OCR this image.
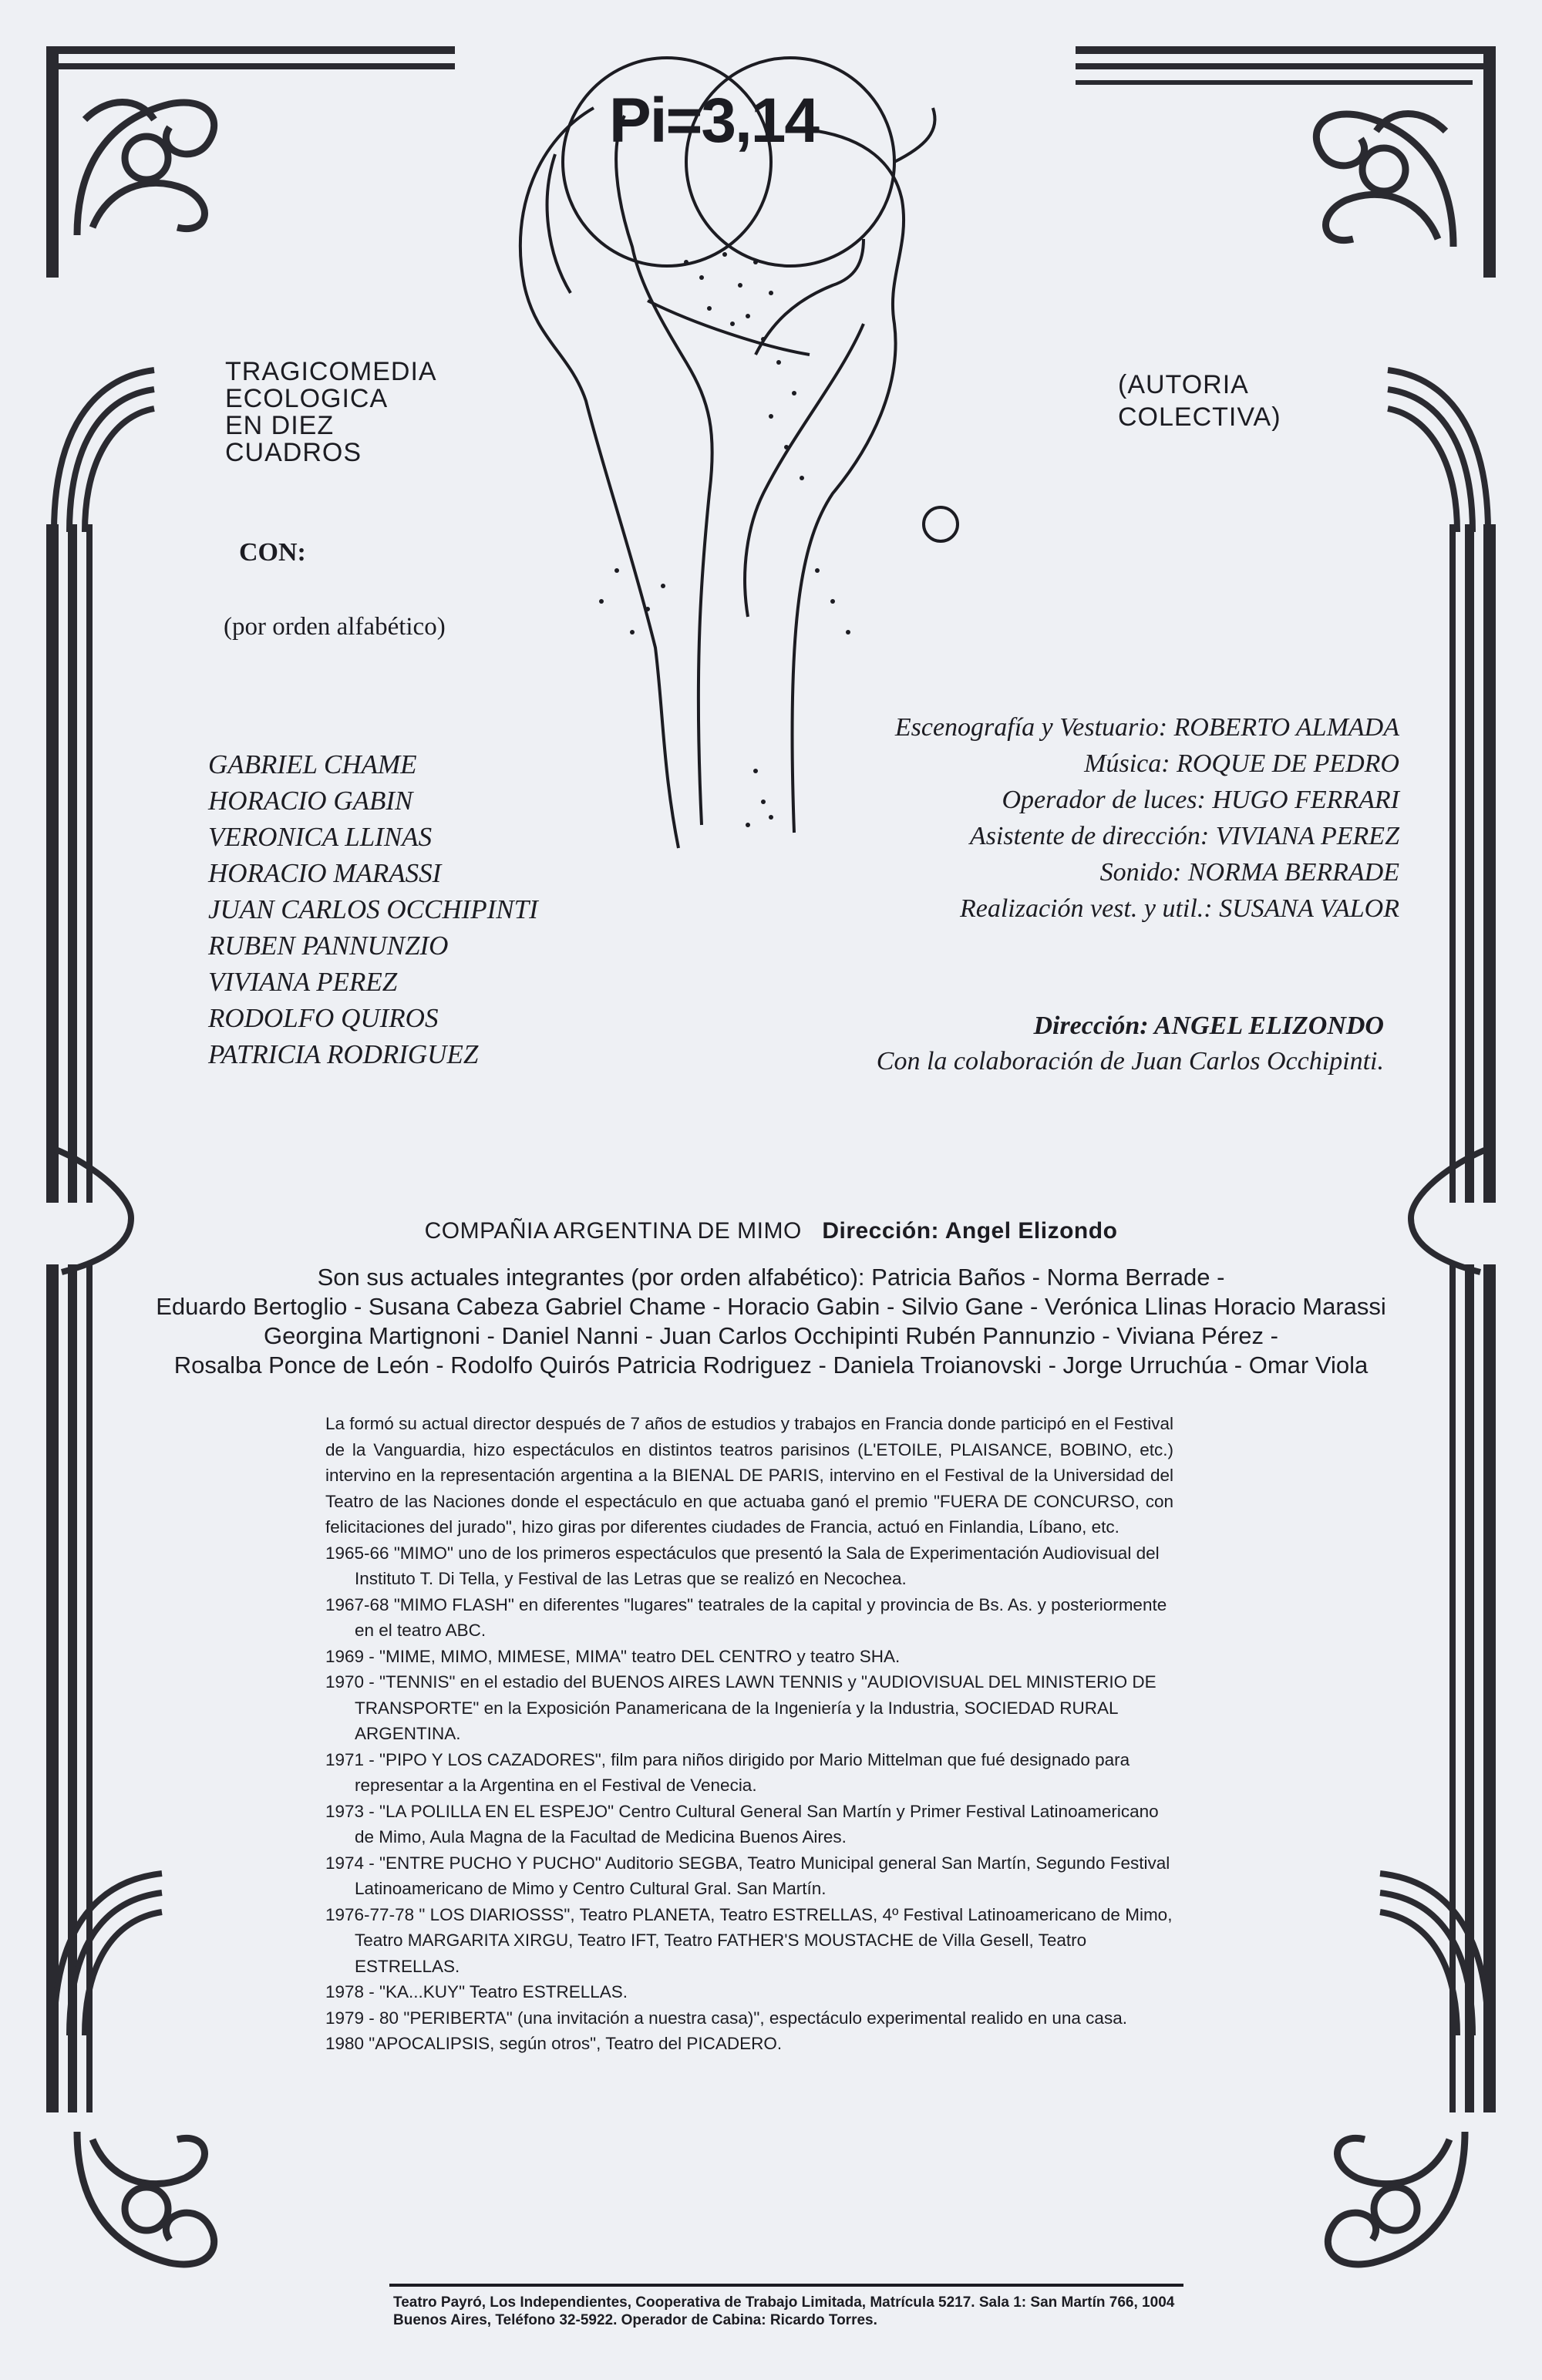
Pi=3,14
TRAGICOMEDIA
ECOLOGICA
EN DIEZ
CUADROS
(AUTORIA
COLECTIVA)
CON:
(por orden alfabético)
GABRIEL CHAME
HORACIO GABIN
VERONICA LLINAS
HORACIO MARASSI
JUAN CARLOS OCCHIPINTI
RUBEN PANNUNZIO
VIVIANA PEREZ
RODOLFO QUIROS
PATRICIA RODRIGUEZ
Escenografía y Vestuario: ROBERTO ALMADA
Música: ROQUE DE PEDRO
Operador de luces: HUGO FERRARI
Asistente de dirección: VIVIANA PEREZ
Sonido: NORMA BERRADE
Realización vest. y util.: SUSANA VALOR
Dirección: ANGEL ELIZONDO
Con la colaboración de Juan Carlos Occhipinti.
COMPAÑIA ARGENTINA DE MIMO Dirección: Angel Elizondo
Son sus actuales integrantes (por orden alfabético): Patricia Baños - Norma Berrade -
Eduardo Bertoglio - Susana Cabeza Gabriel Chame - Horacio Gabin - Silvio Gane - Verónica Llinas Horacio Marassi
Georgina Martignoni - Daniel Nanni - Juan Carlos Occhipinti Rubén Pannunzio - Viviana Pérez -
Rosalba Ponce de León - Rodolfo Quirós Patricia Rodriguez - Daniela Troianovski - Jorge Urruchúa - Omar Viola

La formó su actual director después de 7 años de estudios y trabajos en Francia donde participó en el Festival de la Vanguardia, hizo espectáculos en distintos teatros parisinos (L'ETOILE, PLAISANCE, BOBINO, etc.) intervino en la representación argentina a la BIENAL DE PARIS, intervino en el Festival de la Universidad del Teatro de las Naciones donde el espectáculo en que actuaba ganó el premio "FUERA DE CONCURSO, con felicitaciones del jurado", hizo giras por diferentes ciudades de Francia, actuó en Finlandia, Líbano, etc.

1965-66 "MIMO" uno de los primeros espectáculos que presentó la Sala de Experimentación Audiovisual del Instituto T. Di Tella, y Festival de las Letras que se realizó en Necochea.

1967-68 "MIMO FLASH" en diferentes "lugares" teatrales de la capital y provincia de Bs. As. y posteriormente en el teatro ABC.

1969 - "MIME, MIMO, MIMESE, MIMA" teatro DEL CENTRO y teatro SHA.

1970 - "TENNIS" en el estadio del BUENOS AIRES LAWN TENNIS y "AUDIOVISUAL DEL MINISTERIO DE TRANSPORTE" en la Exposición Panamericana de la Ingeniería y la Industria, SOCIEDAD RURAL ARGENTINA.

1971 - "PIPO Y LOS CAZADORES", film para niños dirigido por Mario Mittelman que fué designado para representar a la Argentina en el Festival de Venecia.

1973 - "LA POLILLA EN EL ESPEJO" Centro Cultural General San Martín y Primer Festival Latinoamericano de Mimo, Aula Magna de la Facultad de Medicina Buenos Aires.

1974 - "ENTRE PUCHO Y PUCHO" Auditorio SEGBA, Teatro Municipal general San Martín, Segundo Festival Latinoamericano de Mimo y Centro Cultural Gral. San Martín.

1976-77-78 " LOS DIARIOSSS", Teatro PLANETA, Teatro ESTRELLAS, 4º Festival Latinoamericano de Mimo, Teatro MARGARITA XIRGU, Teatro IFT, Teatro FATHER'S MOUSTACHE de Villa Gesell, Teatro ESTRELLAS.

1978 - "KA...KUY" Teatro ESTRELLAS.

1979 - 80 "PERIBERTA" (una invitación a nuestra casa)", espectáculo experimental realido en una casa.

1980 "APOCALIPSIS, según otros", Teatro del PICADERO.

Teatro Payró, Los Independientes, Cooperativa de Trabajo Limitada, Matrícula 5217. Sala 1: San Martín 766, 1004 Buenos Aires, Teléfono 32-5922. Operador de Cabina: Ricardo Torres.
